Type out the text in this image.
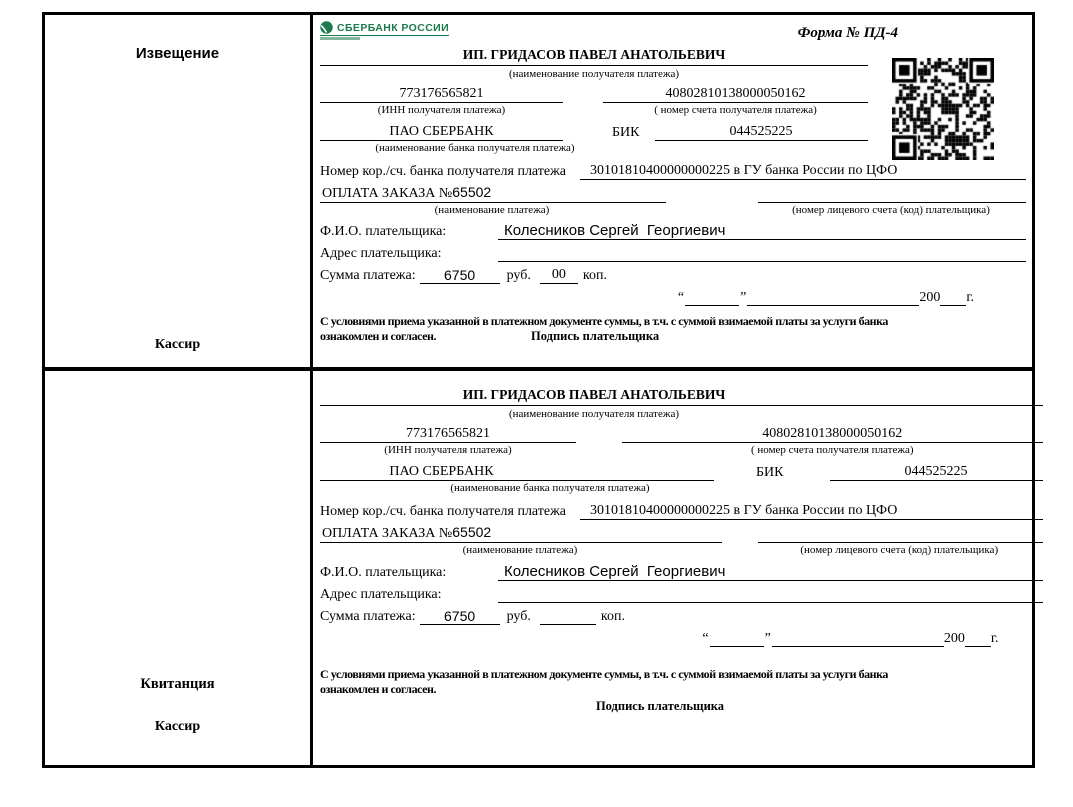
Извещение
Кассир
СБЕРБАНК РОССИИ	Форма № ПД-4
ИП. ГРИДАСОВ ПАВЕЛ АНАТОЛЬЕВИЧ
(наименование получателя платежа)
773176565821	40802810138000050162
(ИНН получателя платежа)	( номер счета получателя платежа)
ПАО СБЕРБАНК	БИК	044525225
(наименование банка получателя платежа)
Номер кор./сч. банка получателя платежа	30101810400000000225 в ГУ банка России по ЦФО
ОПЛАТА ЗАКАЗА №65502
(наименование платежа)	(номер лицевого счета (код) плательщика)
Ф.И.О. плательщика:	Колесников Сергей  Георгиевич
Адрес плательщика:
Сумма платежа:	6750	руб.	00	коп.
“	”	200 г.
С условиями приема указанной в платежном документе суммы, в т.ч. с суммой взимаемой платы за услуги банка
ознакомлен и согласен.	Подпись плательщика
Квитанция
Кассир
ИП. ГРИДАСОВ ПАВЕЛ АНАТОЛЬЕВИЧ
(наименование получателя платежа)
773176565821	40802810138000050162
(ИНН получателя платежа)	( номер счета получателя платежа)
ПАО СБЕРБАНК	БИК	044525225
(наименование банка получателя платежа)
Номер кор./сч. банка получателя платежа	30101810400000000225 в ГУ банка России по ЦФО
ОПЛАТА ЗАКАЗА №65502
(наименование платежа)	(номер лицевого счета (код) плательщика)
Ф.И.О. плательщика:	Колесников Сергей  Георгиевич
Адрес плательщика:
Сумма платежа:	6750	руб.	коп.
“	”	200 г.
С условиями приема указанной в платежном документе суммы, в т.ч. с суммой взимаемой платы за услуги банка
ознакомлен и согласен.
Подпись плательщика
